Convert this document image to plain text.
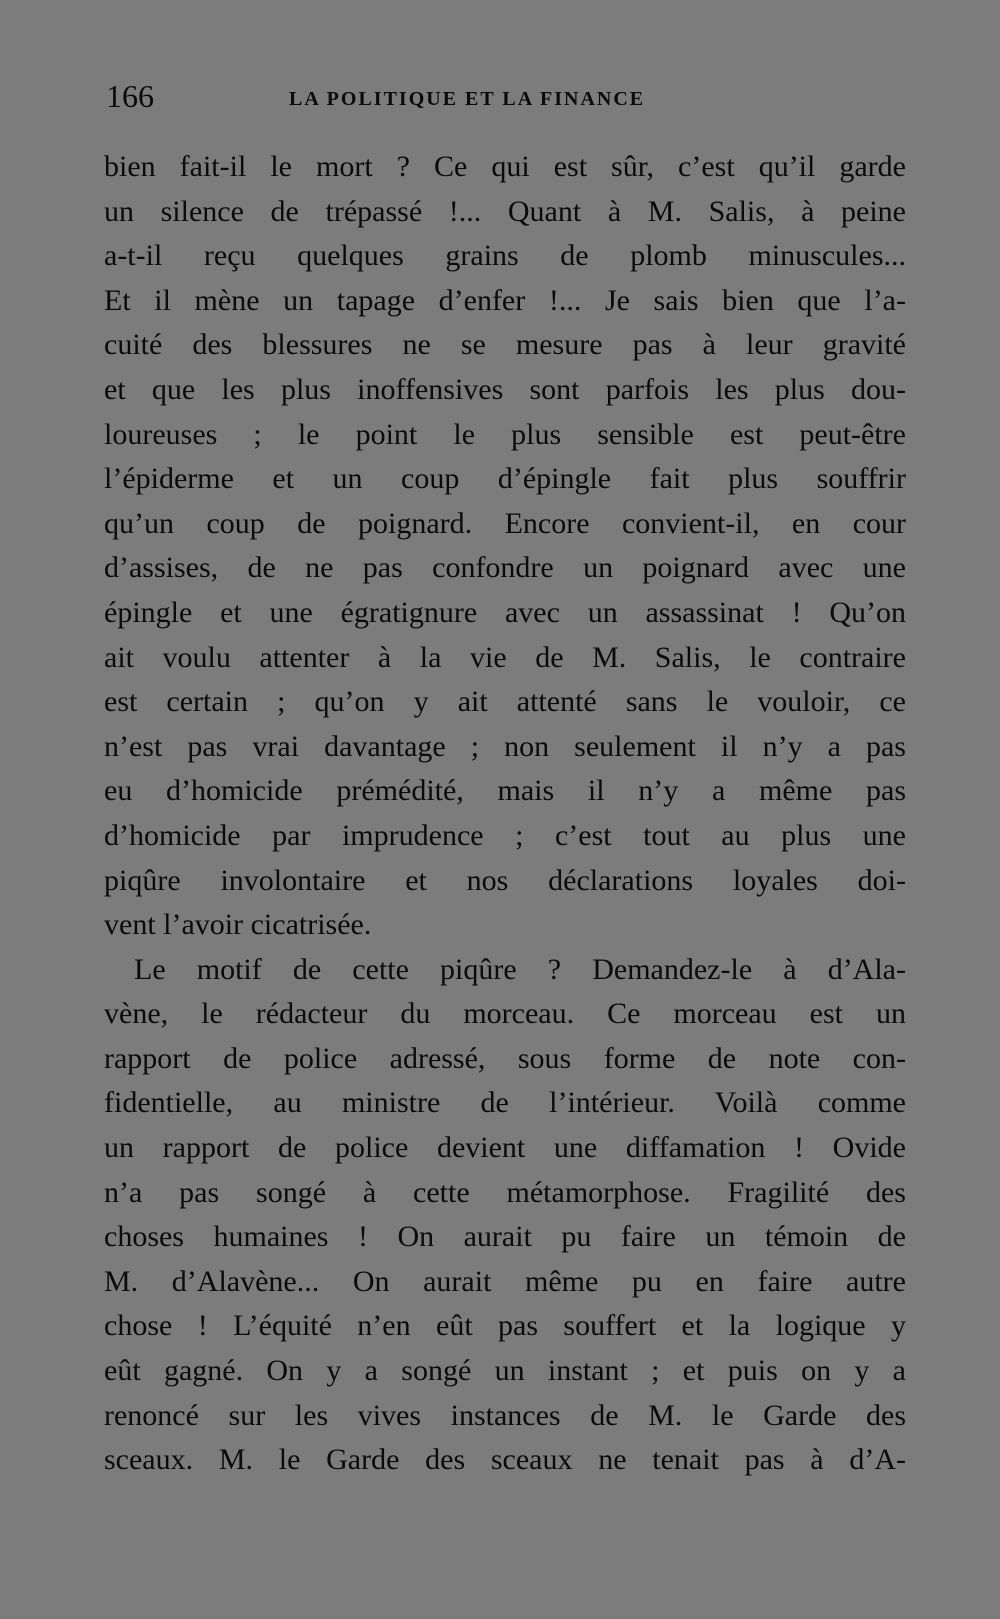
166	LA POLITIQUE ET LA FINANCE
bien fait-il le mort ? Ce qui est sûr, c’est qu’il garde
un silence de trépassé !... Quant à M. Salis, à peine
a-t-il reçu quelques grains de plomb minuscules...
Et il mène un tapage d’enfer !... Je sais bien que l’a-
cuité des blessures ne se mesure pas à leur gravité
et que les plus inoffensives sont parfois les plus dou-
loureuses ; le point le plus sensible est peut-être
l’épiderme et un coup d’épingle fait plus souffrir
qu’un coup de poignard. Encore convient-il, en cour
d’assises, de ne pas confondre un poignard avec une
épingle et une égratignure avec un assassinat ! Qu’on
ait voulu attenter à la vie de M. Salis, le contraire
est certain ; qu’on y ait attenté sans le vouloir, ce
n’est pas vrai davantage ; non seulement il n’y a pas
eu d’homicide prémédité, mais il n’y a même pas
d’homicide par imprudence ; c’est tout au plus une
piqûre involontaire et nos déclarations loyales doi-
vent l’avoir cicatrisée.
Le motif de cette piqûre ? Demandez-le à d’Ala-
vène, le rédacteur du morceau. Ce morceau est un
rapport de police adressé, sous forme de note con-
fidentielle, au ministre de l’intérieur. Voilà comme
un rapport de police devient une diffamation ! Ovide
n’a pas songé à cette métamorphose. Fragilité des
choses humaines ! On aurait pu faire un témoin de
M. d’Alavène... On aurait même pu en faire autre
chose ! L’équité n’en eût pas souffert et la logique y
eût gagné. On y a songé un instant ; et puis on y a
renoncé sur les vives instances de M. le Garde des
sceaux. M. le Garde des sceaux ne tenait pas à d’A-
